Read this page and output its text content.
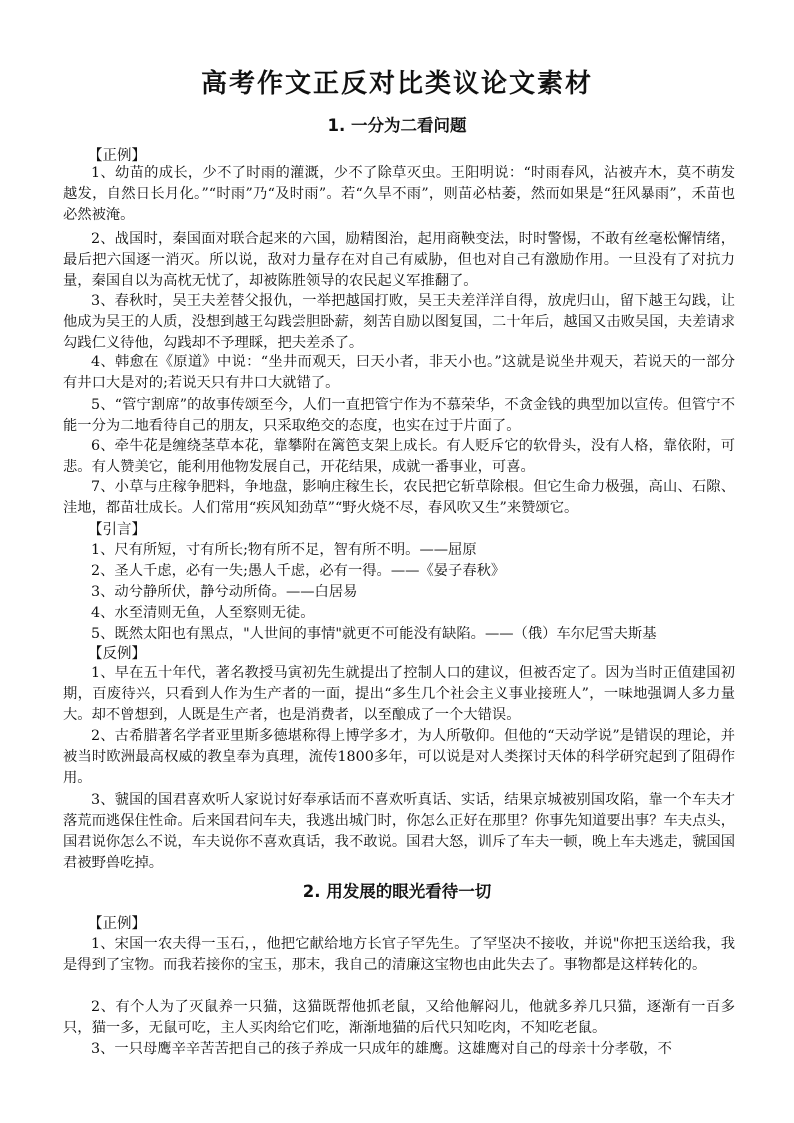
高考作文正反对比类议论文素材
1. 一分为二看问题
【正例】

1、幼苗的成长，少不了时雨的灌溉，少不了除草灭虫。王阳明说：“时雨春风，沾被卉木，莫不萌发越发，自然日长月化。”“时雨”乃“及时雨”。若“久旱不雨”，则苗必枯萎，然而如果是“狂风暴雨”，禾苗也必然被淹。

2、战国时，秦国面对联合起来的六国，励精图治，起用商鞅变法，时时警惕，不敢有丝毫松懈情绪，最后把六国逐一消灭。所以说，敌对力量存在对自己有威胁，但也对自己有激励作用。一旦没有了对抗力量，秦国自以为高枕无忧了，却被陈胜领导的农民起义军推翻了。

3、春秋时，吴王夫差替父报仇，一举把越国打败，吴王夫差洋洋自得，放虎归山，留下越王勾践，让他成为吴王的人质，没想到越王勾践尝胆卧薪，刻苦自励以图复国，二十年后，越国又击败吴国，夫差请求勾践仁义待他，勾践却不予理睬，把夫差杀了。

4、韩愈在《原道》中说：“坐井而观天，曰天小者，非天小也。”这就是说坐井观天，若说天的一部分有井口大是对的;若说天只有井口大就错了。

5、“管宁割席”的故事传颂至今，人们一直把管宁作为不慕荣华，不贪金钱的典型加以宣传。但管宁不能一分为二地看待自己的朋友，只采取绝交的态度，也实在过于片面了。

6、牵牛花是缠绕茎草本花，靠攀附在篱笆支架上成长。有人贬斥它的软骨头，没有人格，靠依附，可悲。有人赞美它，能利用他物发展自己，开花结果，成就一番事业，可喜。

7、小草与庄稼争肥料，争地盘，影响庄稼生长，农民把它斩草除根。但它生命力极强，高山、石隙、洼地，都苗壮成长。人们常用“疾风知劲草”“野火烧不尽，春风吹又生”来赞颂它。

【引言】
1、尺有所短，寸有所长;物有所不足，智有所不明。——屈原
2、圣人千虑，必有一失;愚人千虑，必有一得。——《晏子春秋》
3、动兮静所伏，静兮动所倚。——白居易
4、水至清则无鱼，人至察则无徒。
5、既然太阳也有黑点，"人世间的事情"就更不可能没有缺陷。——（俄）车尔尼雪夫斯基
【反例】

1、早在五十年代，著名教授马寅初先生就提出了控制人口的建议，但被否定了。因为当时正值建国初期，百废待兴，只看到人作为生产者的一面，提出“多生几个社会主义事业接班人”，一味地强调人多力量大。却不曾想到，人既是生产者，也是消费者，以至酿成了一个大错误。

2、古希腊著名学者亚里斯多德堪称得上博学多才，为人所敬仰。但他的“天动学说”是错误的理论，并被当时欧洲最高权威的教皇奉为真理，流传1800多年，可以说是对人类探讨天体的科学研究起到了阻碍作用。

3、虢国的国君喜欢听人家说讨好奉承话而不喜欢听真话、实话，结果京城被别国攻陷，靠一个车夫才落荒而逃保住性命。后来国君问车夫，我逃出城门时，你怎么正好在那里？你事先知道要出事？车夫点头，国君说你怎么不说，车夫说你不喜欢真话，我不敢说。国君大怒，训斥了车夫一顿，晚上车夫逃走，虢国国君被野兽吃掉。

2. 用发展的眼光看待一切
【正例】

1、宋国一农夫得一玉石，，他把它献给地方长官子罕先生。了罕坚决不接收，并说"你把玉送给我，我是得到了宝物。而我若接你的宝玉，那末，我自己的清廉这宝物也由此失去了。事物都是这样转化的。

2、有个人为了灭鼠养一只猫，这猫既帮他抓老鼠，又给他解闷儿，他就多养几只猫，逐渐有一百多只，猫一多，无鼠可吃，主人买肉给它们吃，渐渐地猫的后代只知吃肉，不知吃老鼠。

3、一只母鹰辛辛苦苦把自己的孩子养成一只成年的雄鹰。这雄鹰对自己的母亲十分孝敬，不
